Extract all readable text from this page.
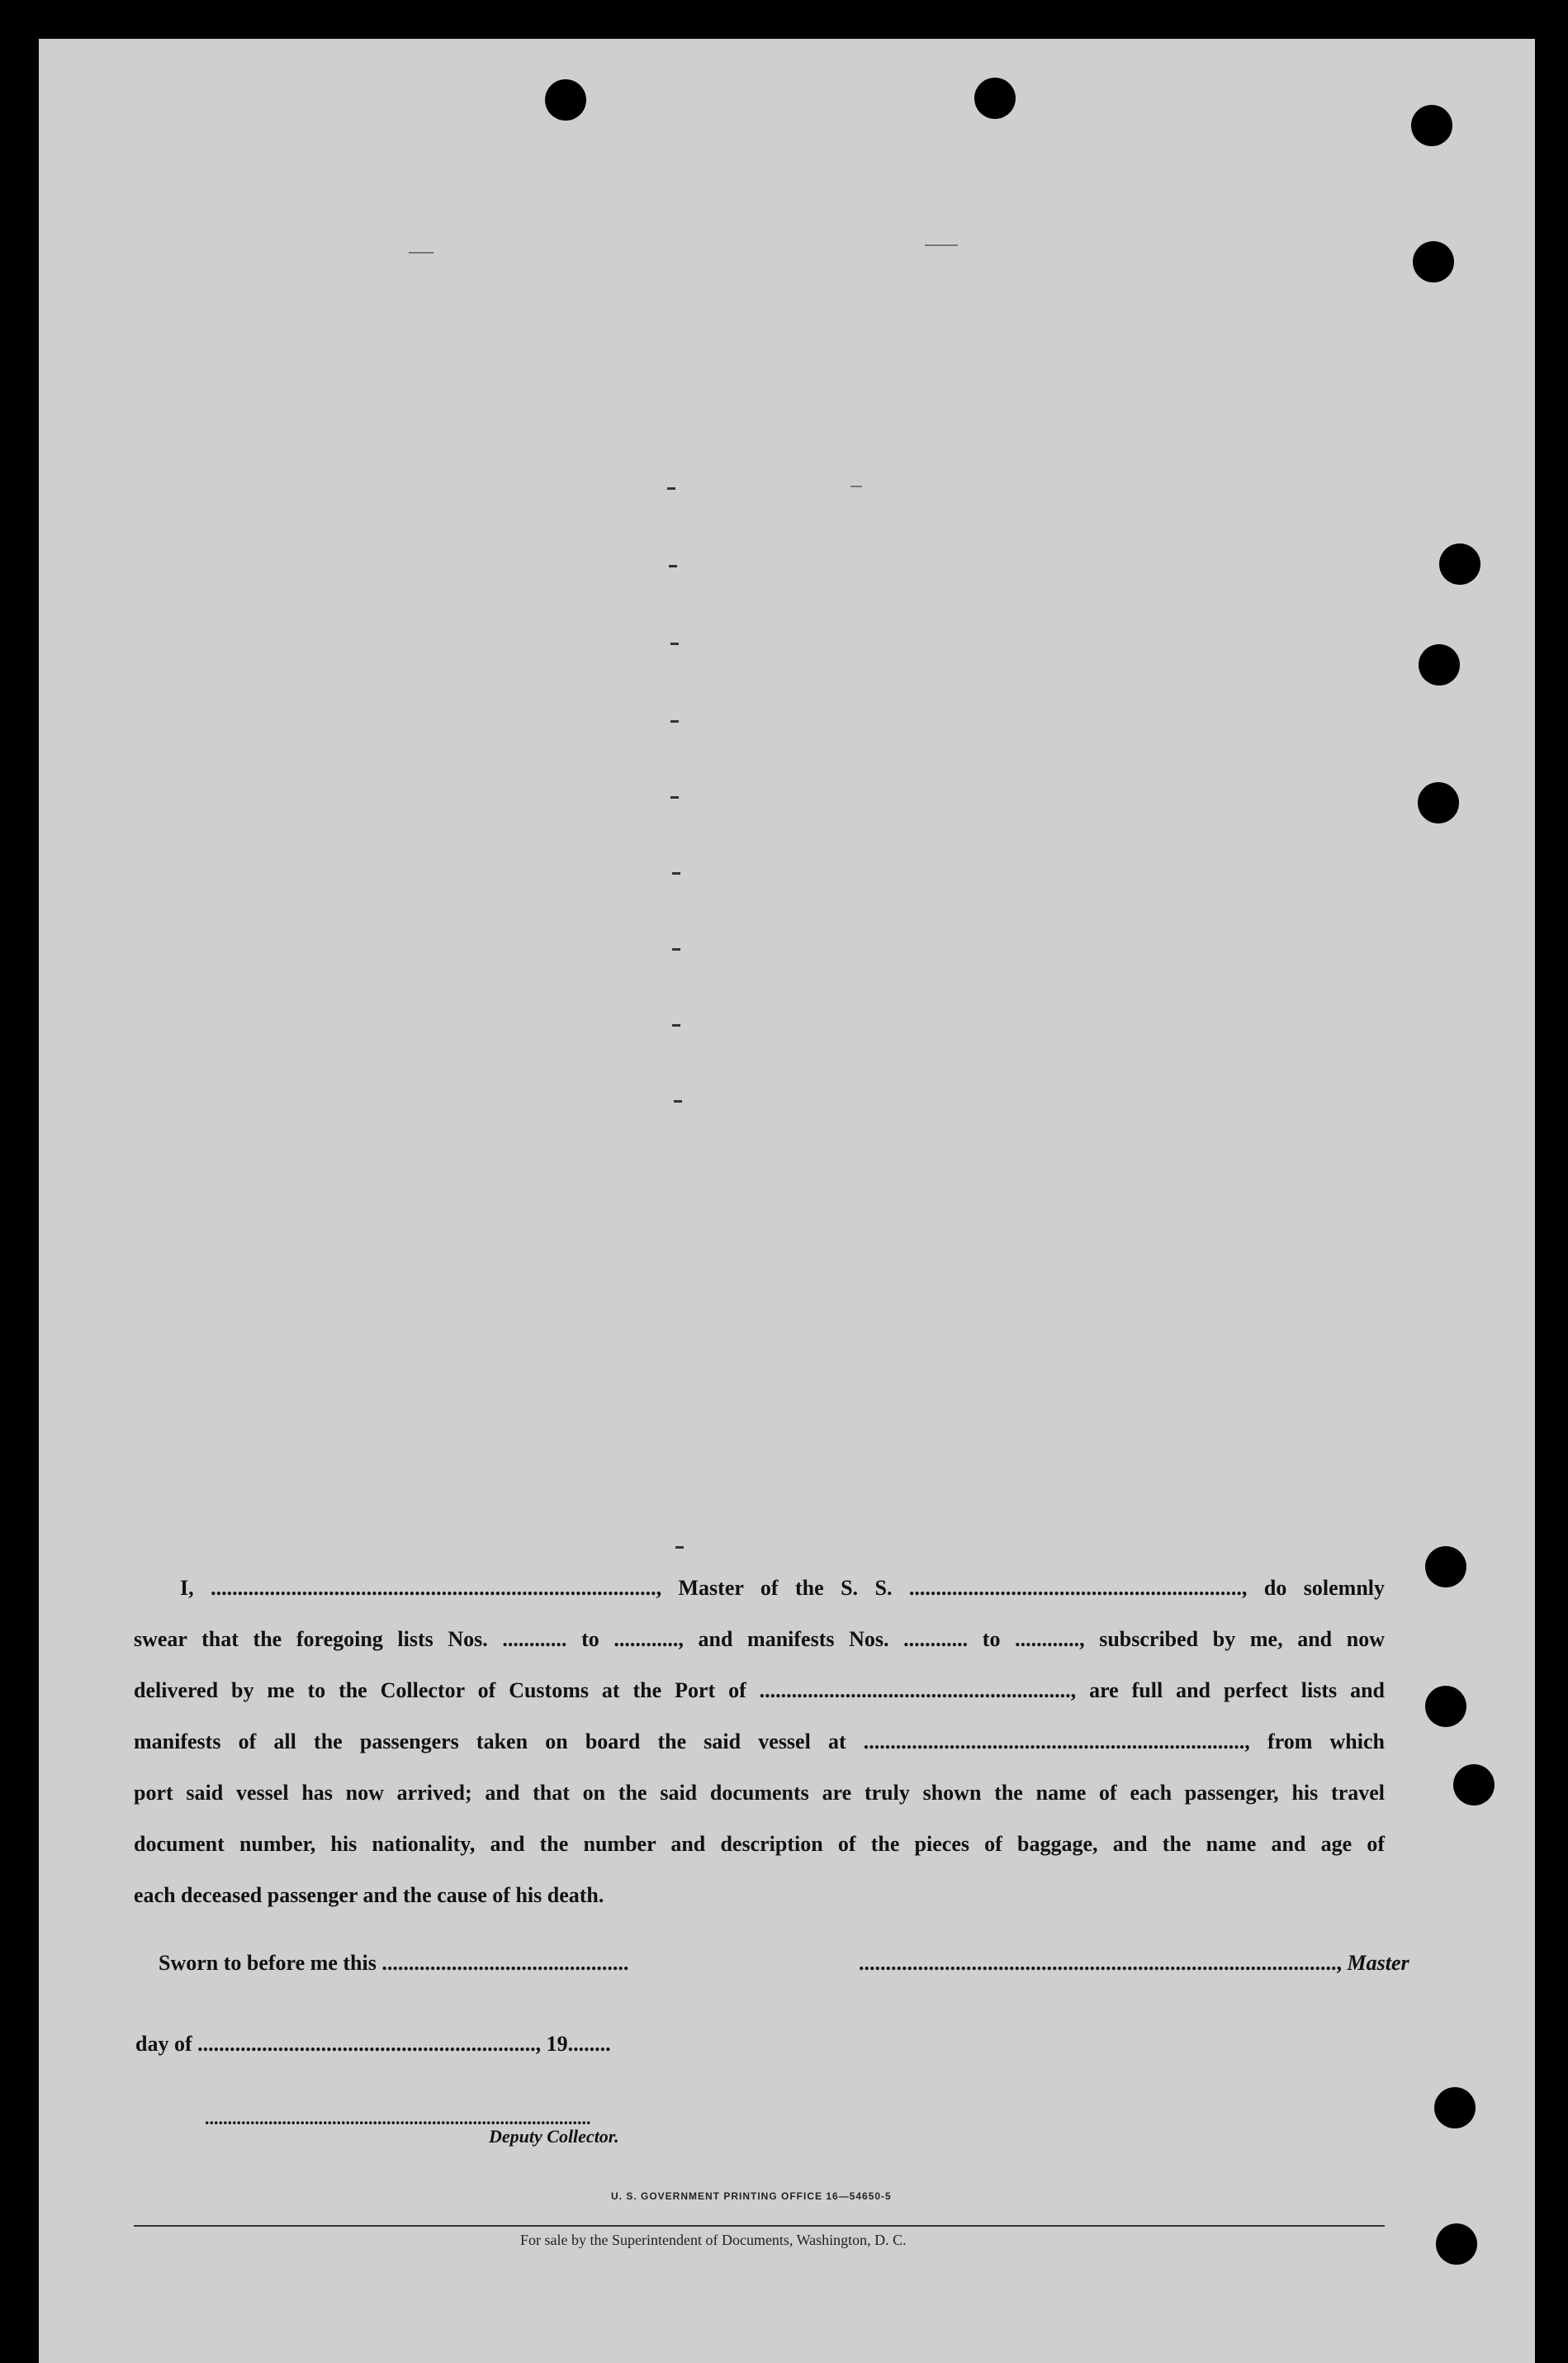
I, ..................................................................................., Master of the S. S. .............................................................., do solemnly

swear that the foregoing lists Nos. ............ to ............, and manifests Nos. ............ to ............, subscribed by me, and now

delivered by me to the Collector of Customs at the Port of .........................................................., are full and perfect lists and

manifests of all the passengers taken on board the said vessel at ......................................................................., from which

port said vessel has now arrived; and that on the said documents are truly shown the name of each passenger, his travel

document number, his nationality, and the number and description of the pieces of baggage, and the name and age of

each deceased passenger and the cause of his death.

Sworn to before me this ..............................................	........................................................................................., Master
day of ..............................................................., 19........
.....................................................................................
Deputy Collector.
U. S. GOVERNMENT PRINTING OFFICE 16—54650-5
For sale by the Superintendent of Documents, Washington, D. C.
